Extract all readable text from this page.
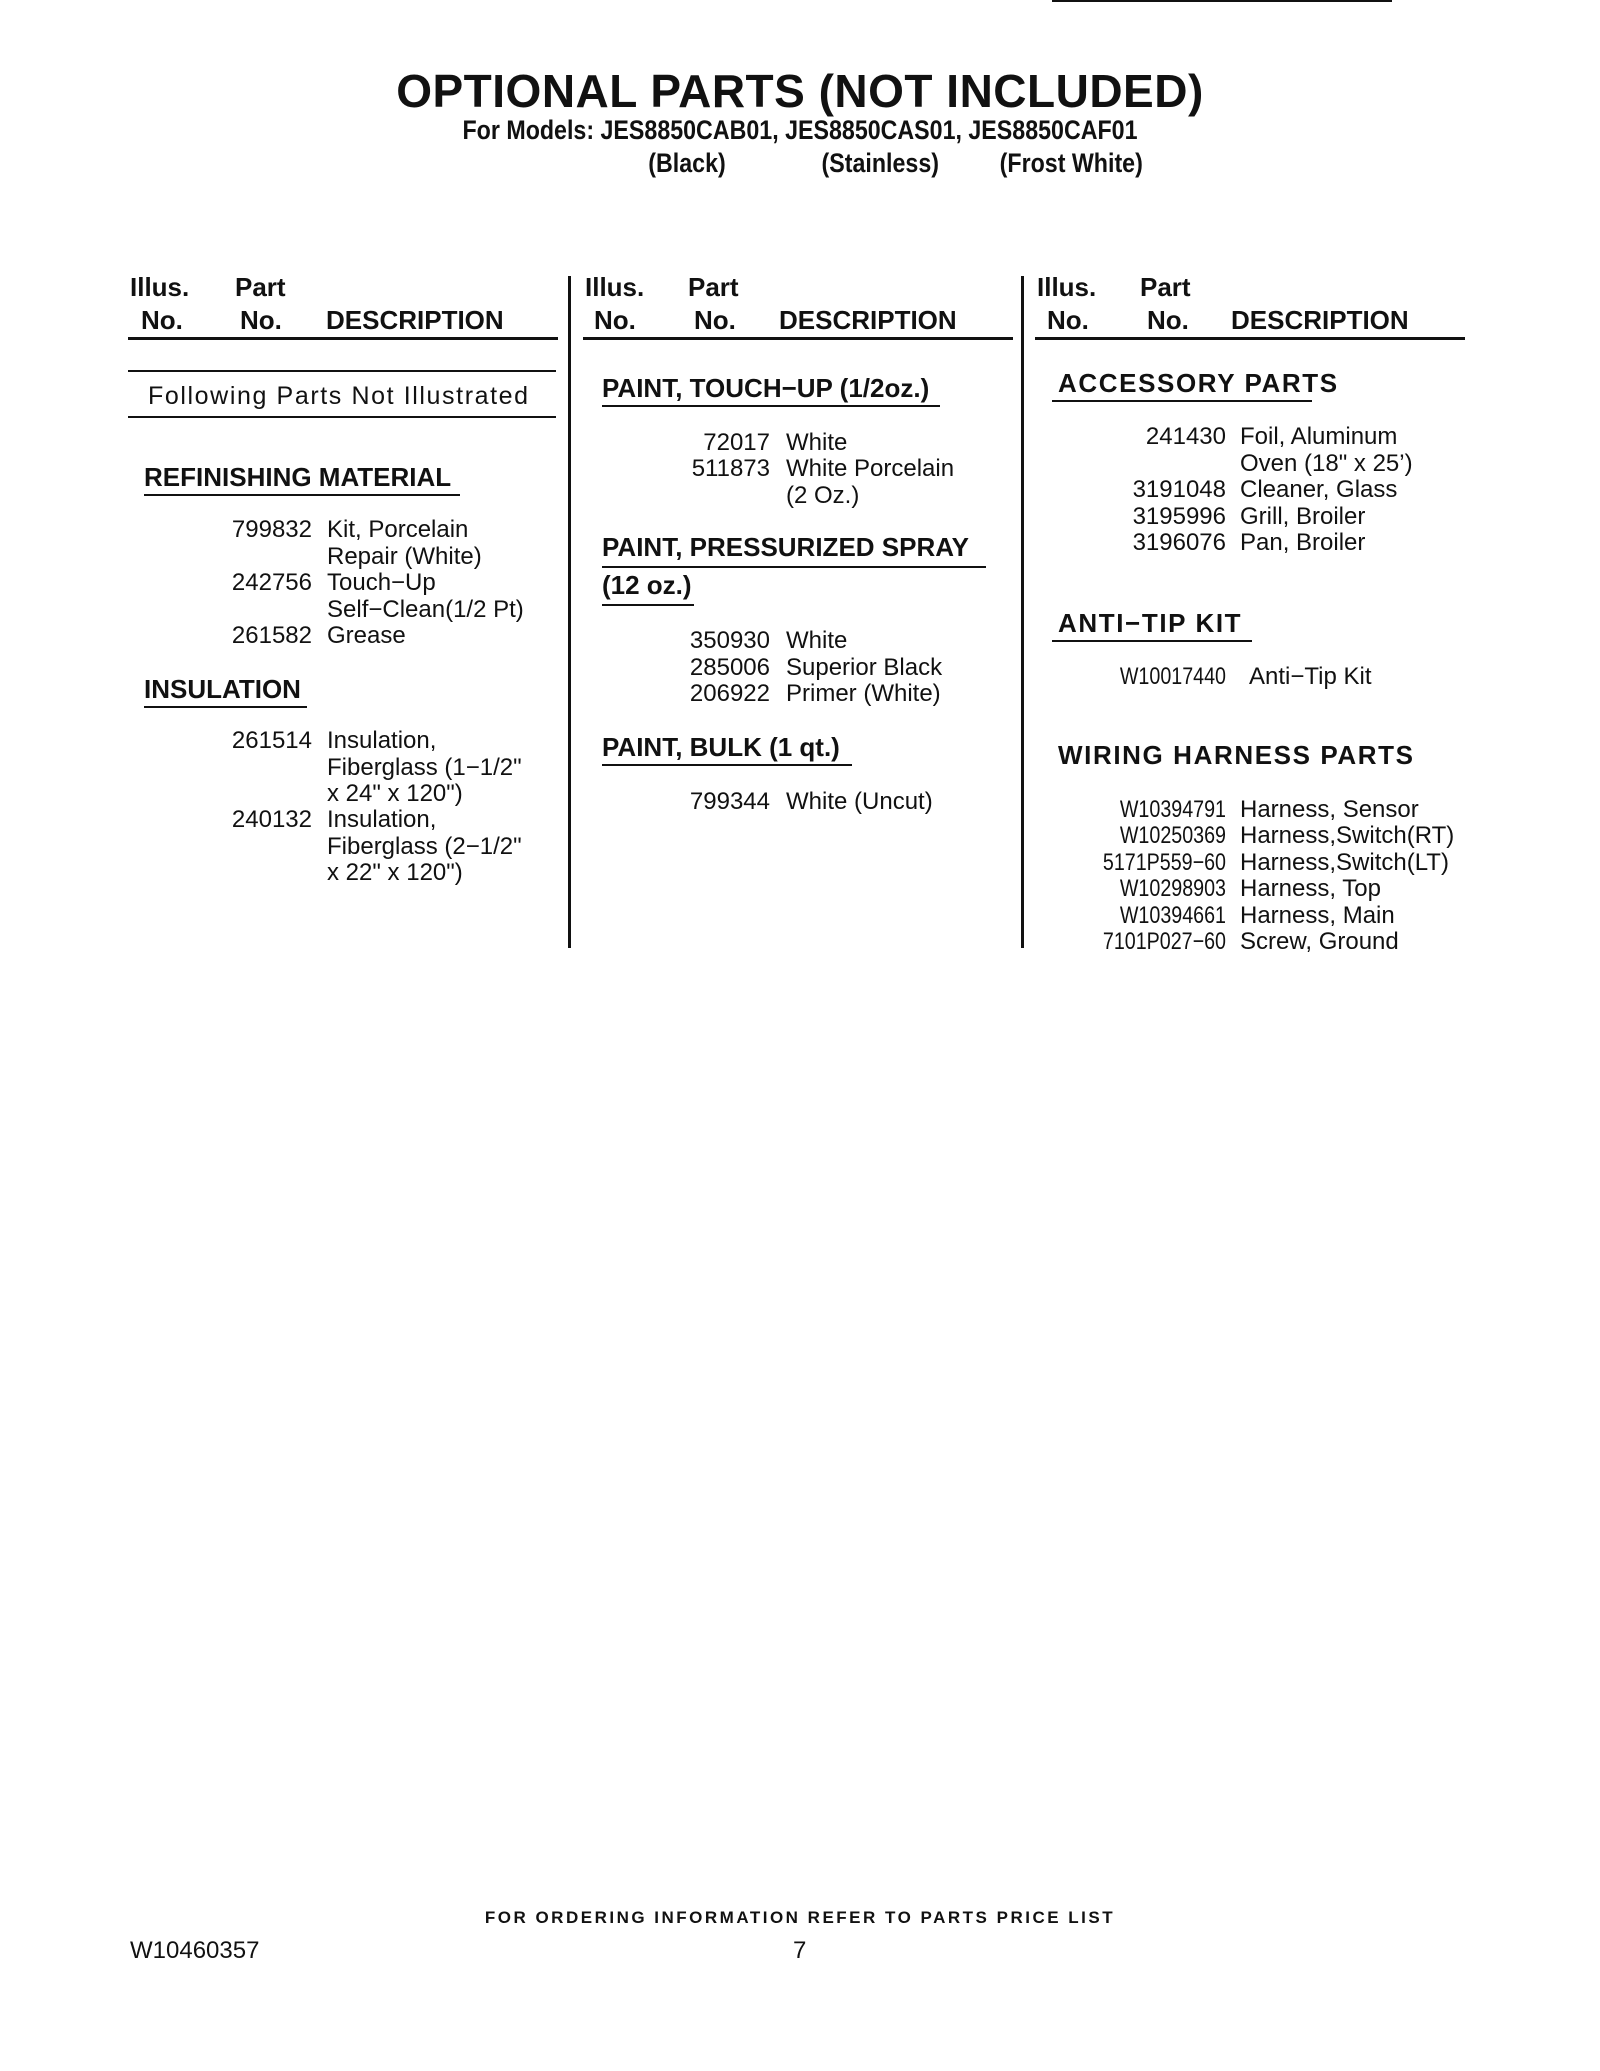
OPTIONAL PARTS (NOT INCLUDED)
For Models: JES8850CAB01, JES8850CAS01, JES8850CAF01
(Black)	(Stainless) (Frost White)
Illus.
No.
Part
No. DESCRIPTION
Illus.
No.
Part
No. DESCRIPTION
Illus.
No.
Part
No. DESCRIPTION
Following Parts Not Illustrated
REFINISHING MATERIAL
799832 Kit, Porcelain
Repair (White)
242756 Touch−Up
Self−Clean(1/2 Pt)
261582 Grease
INSULATION
261514 Insulation,
Fiberglass (1−1/2"
x 24" x 120")
240132 Insulation,
Fiberglass (2−1/2"
x 22" x 120")
PAINT, TOUCH−UP (1/2oz.)
72017 White
511873 White Porcelain
(2 Oz.)
PAINT, PRESSURIZED SPRAY
(12 oz.)
350930 White
285006 Superior Black
206922 Primer (White)
PAINT, BULK (1 qt.)
799344 White (Uncut)
ACCESSORY PARTS
241430 Foil, Aluminum
Oven (18" x 25’)
3191048 Cleaner, Glass
3195996 Grill, Broiler
3196076 Pan, Broiler
ANTI−TIP KIT
W10017440 Anti−Tip Kit
WIRING HARNESS PARTS
W10394791 Harness, Sensor
W10250369 Harness,Switch(RT)
5171P559−60 Harness,Switch(LT)
W10298903 Harness, Top
W10394661 Harness, Main
7101P027−60 Screw, Ground
FOR ORDERING INFORMATION REFER TO PARTS PRICE LIST
W10460357	7
